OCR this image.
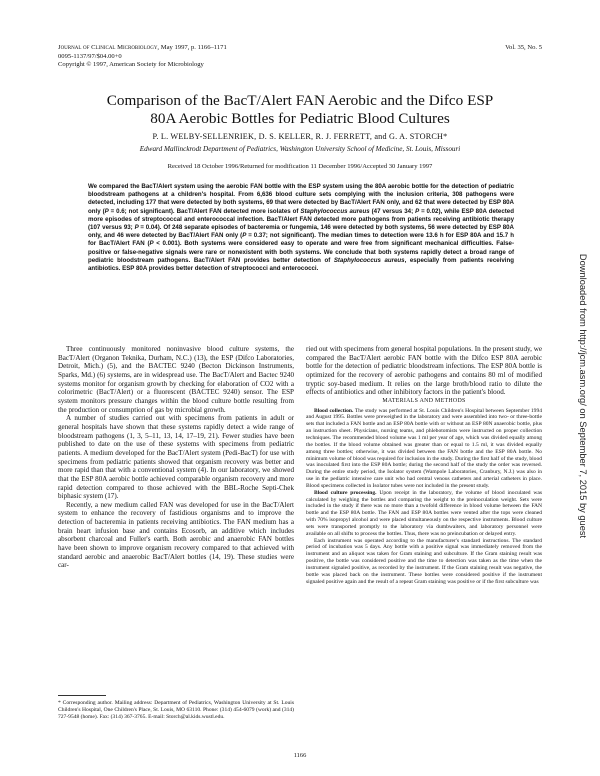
Journal of Clinical Microbiology, May 1997, p. 1166–1171
0095-1137/97/$04.00+0
Copyright © 1997, American Society for Microbiology
Vol. 35, No. 5
Comparison of the BacT/Alert FAN Aerobic and the Difco ESP
80A Aerobic Bottles for Pediatric Blood Cultures
P. L. WELBY-SELLENRIEK, D. S. KELLER, R. J. FERRETT, and G. A. STORCH*
Edward Mallinckrodt Department of Pediatrics, Washington University School of Medicine, St. Louis, Missouri
Received 18 October 1996/Returned for modification 11 December 1996/Accepted 30 January 1997
We compared the BacT/Alert system using the aerobic FAN bottle with the ESP system using the 80A aerobic bottle for the detection of pediatric bloodstream pathogens at a children's hospital. From 6,636 blood culture sets complying with the inclusion criteria, 308 pathogens were detected, including 177 that were detected by both systems, 69 that were detected by BacT/Alert FAN only, and 62 that were detected by ESP 80A only (P = 0.6; not significant). BacT/Alert FAN detected more isolates of Staphylococcus aureus (47 versus 34; P = 0.02), while ESP 80A detected more episodes of streptococcal and enterococcal infection. BacT/Alert FAN detected more pathogens from patients receiving antibiotic therapy (107 versus 93; P = 0.04). Of 248 separate episodes of bacteremia or fungemia, 146 were detected by both systems, 56 were detected by ESP 80A only, and 46 were detected by BacT/Alert FAN only (P = 0.37; not significant). The median times to detection were 13.6 h for ESP 80A and 15.7 h for BacT/Alert FAN (P < 0.001). Both systems were considered easy to operate and were free from significant mechanical difficulties. False-positive or false-negative signals were rare or nonexistent with both systems. We conclude that both systems rapidly detect a broad range of pediatric bloodstream pathogens. BacT/Alert FAN provides better detection of Staphylococcus aureus, especially from patients receiving antibiotics. ESP 80A provides better detection of streptococci and enterococci.

Three continuously monitored noninvasive blood culture systems, the BacT/Alert (Organon Teknika, Durham, N.C.) (13), the ESP (Difco Laboratories, Detroit, Mich.) (5), and the BACTEC 9240 (Becton Dickinson Instruments, Sparks, Md.) (6) systems, are in widespread use. The BacT/Alert and Bactec 9240 systems monitor for organism growth by checking for elaboration of CO2 with a colorimetric (BacT/Alert) or a fluorescent (BACTEC 9240) sensor. The ESP system monitors pressure changes within the blood culture bottle resulting from the production or consumption of gas by microbial growth.

A number of studies carried out with specimens from patients in adult or general hospitals have shown that these systems rapidly detect a wide range of bloodstream pathogens (1, 3, 5–11, 13, 14, 17–19, 21). Fewer studies have been published to date on the use of these systems with specimens from pediatric patients. A medium developed for the BacT/Alert system (Pedi-BacT) for use with specimens from pediatric patients showed that organism recovery was better and more rapid than that with a conventional system (4). In our laboratory, we showed that the ESP 80A aerobic bottle achieved comparable organism recovery and more rapid detection compared to those achieved with the BBL-Roche Septi-Chek biphasic system (17).

Recently, a new medium called FAN was developed for use in the BacT/Alert system to enhance the recovery of fastidious organisms and to improve the detection of bacteremia in patients receiving antibiotics. The FAN medium has a brain heart infusion base and contains Ecosorb, an additive which includes absorbent charcoal and Fuller's earth. Both aerobic and anaerobic FAN bottles have been shown to improve organism recovery compared to that achieved with standard aerobic and anaerobic BacT/Alert bottles (14, 19). These studies were car-

ried out with specimens from general hospital populations. In the present study, we compared the BacT/Alert aerobic FAN bottle with the Difco ESP 80A aerobic bottle for the detection of pediatric bloodstream infections. The ESP 80A bottle is optimized for the recovery of aerobic pathogens and contains 80 ml of modified tryptic soy-based medium. It relies on the large broth/blood ratio to dilute the effects of antibiotics and other inhibitory factors in the patient's blood.

MATERIALS AND METHODS

Blood collection. The study was performed at St. Louis Children's Hospital between September 1994 and August 1995. Bottles were preweighed in the laboratory and were assembled into two- or three-bottle sets that included a FAN bottle and an ESP 80A bottle with or without an ESP 80N anaerobic bottle, plus an instruction sheet. Physicians, nursing teams, and phlebotomists were instructed on proper collection techniques. The recommended blood volume was 1 ml per year of age, which was divided equally among the bottles. If the blood volume obtained was greater than or equal to 1.5 ml, it was divided equally among three bottles; otherwise, it was divided between the FAN bottle and the ESP 80A bottle. No minimum volume of blood was required for inclusion in the study. During the first half of the study, blood was inoculated first into the ESP 80A bottle; during the second half of the study the order was reversed. During the entire study period, the Isolator system (Wampole Laboratories, Cranbury, N.J.) was also in use in the pediatric intensive care unit who had central venous catheters and arterial catheters in place. Blood specimens collected in Isolator tubes were not included in the present study.

Blood culture processing. Upon receipt in the laboratory, the volume of blood inoculated was calculated by weighing the bottles and comparing the weight to the preinoculation weight. Sets were included in the study if there was no more than a twofold difference in blood volume between the FAN bottle and the ESP 80A bottle. The FAN and ESP 80A bottles were vented after the tops were cleaned with 70% isopropyl alcohol and were placed simultaneously on the respective instruments. Blood culture sets were transported promptly to the laboratory via dumbwaiters, and laboratory personnel were available on all shifts to process the bottles. Thus, there was no preincubation or delayed entry.

Each instrument was operated according to the manufacturer's standard instructions. The standard period of incubation was 5 days. Any bottle with a positive signal was immediately removed from the instrument and an aliquot was taken for Gram staining and subculture. If the Gram staining result was positive, the bottle was considered positive and the time to detection was taken as the time when the instrument signaled positive, as recorded by the instrument. If the Gram staining result was negative, the bottle was placed back on the instrument. These bottles were considered positive if the instrument signaled positive again and the result of a repeat Gram staining was positive or if the first subculture was

* Corresponding author. Mailing address: Department of Pediatrics, Washington University at St. Louis Children's Hospital, One Children's Place, St. Louis, MO 63110. Phone: (314) 454-6079 (work) and (314) 727-9548 (home). Fax: (314) 367-3765. E-mail: Storch@al.kids.wustl.edu.
1166
Downloaded from http://jcm.asm.org/ on September 7, 2015 by guest
